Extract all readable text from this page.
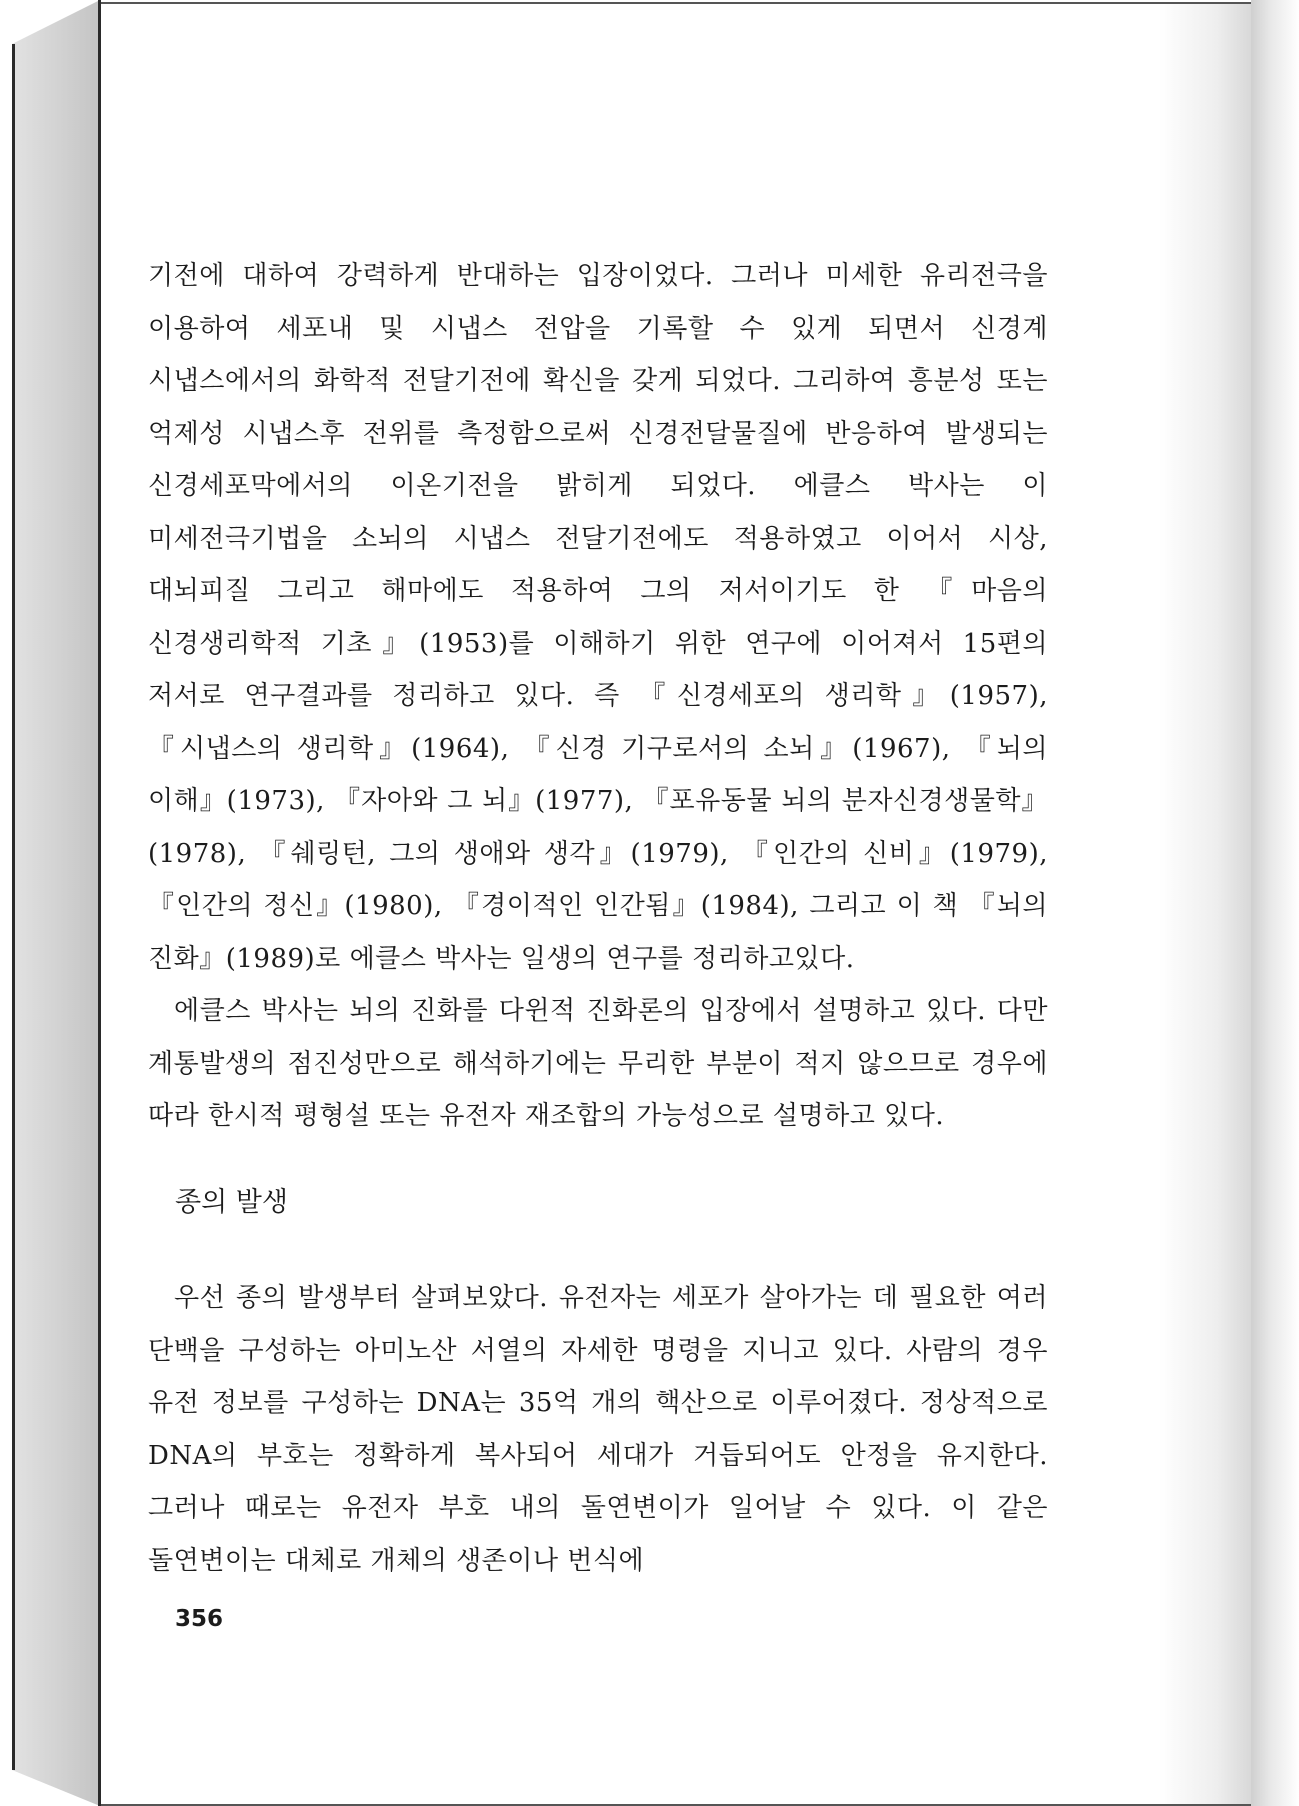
기전에 대하여 강력하게 반대하는 입장이었다. 그러나 미세한 유리전극을 이용하여 세포내 및 시냅스 전압을 기록할 수 있게 되면서 신경계 시냅스에서의 화학적 전달기전에 확신을 갖게 되었다. 그리하여 흥분성 또는 억제성 시냅스후 전위를 측정함으로써 신경전달물질에 반응하여 발생되는 신경세포막에서의 이온기전을 밝히게 되었다. 에클스 박사는 이 미세전극기법을 소뇌의 시냅스 전달기전에도 적용하였고 이어서 시상, 대뇌피질 그리고 해마에도 적용하여 그의 저서이기도 한 『마음의 신경생리학적 기초』(1953)를 이해하기 위한 연구에 이어져서 15편의 저서로 연구결과를 정리하고 있다. 즉 『신경세포의 생리학』(1957), 『시냅스의 생리학』(1964), 『신경 기구로서의 소뇌』(1967), 『뇌의 이해』(1973), 『자아와 그 뇌』(1977), 『포유동물 뇌의 분자신경생물학』(1978), 『쉐링턴, 그의 생애와 생각』(1979), 『인간의 신비』(1979), 『인간의 정신』(1980), 『경이적인 인간됨』(1984), 그리고 이 책 『뇌의 진화』(1989)로 에클스 박사는 일생의 연구를 정리하고있다.

에클스 박사는 뇌의 진화를 다윈적 진화론의 입장에서 설명하고 있다. 다만 계통발생의 점진성만으로 해석하기에는 무리한 부분이 적지 않으므로 경우에 따라 한시적 평형설 또는 유전자 재조합의 가능성으로 설명하고 있다.

종의 발생

우선 종의 발생부터 살펴보았다. 유전자는 세포가 살아가는 데 필요한 여러 단백을 구성하는 아미노산 서열의 자세한 명령을 지니고 있다. 사람의 경우 유전 정보를 구성하는 DNA는 35억 개의 핵산으로 이루어졌다. 정상적으로 DNA의 부호는 정확하게 복사되어 세대가 거듭되어도 안정을 유지한다. 그러나 때로는 유전자 부호 내의 돌연변이가 일어날 수 있다. 이 같은 돌연변이는 대체로 개체의 생존이나 번식에

356
